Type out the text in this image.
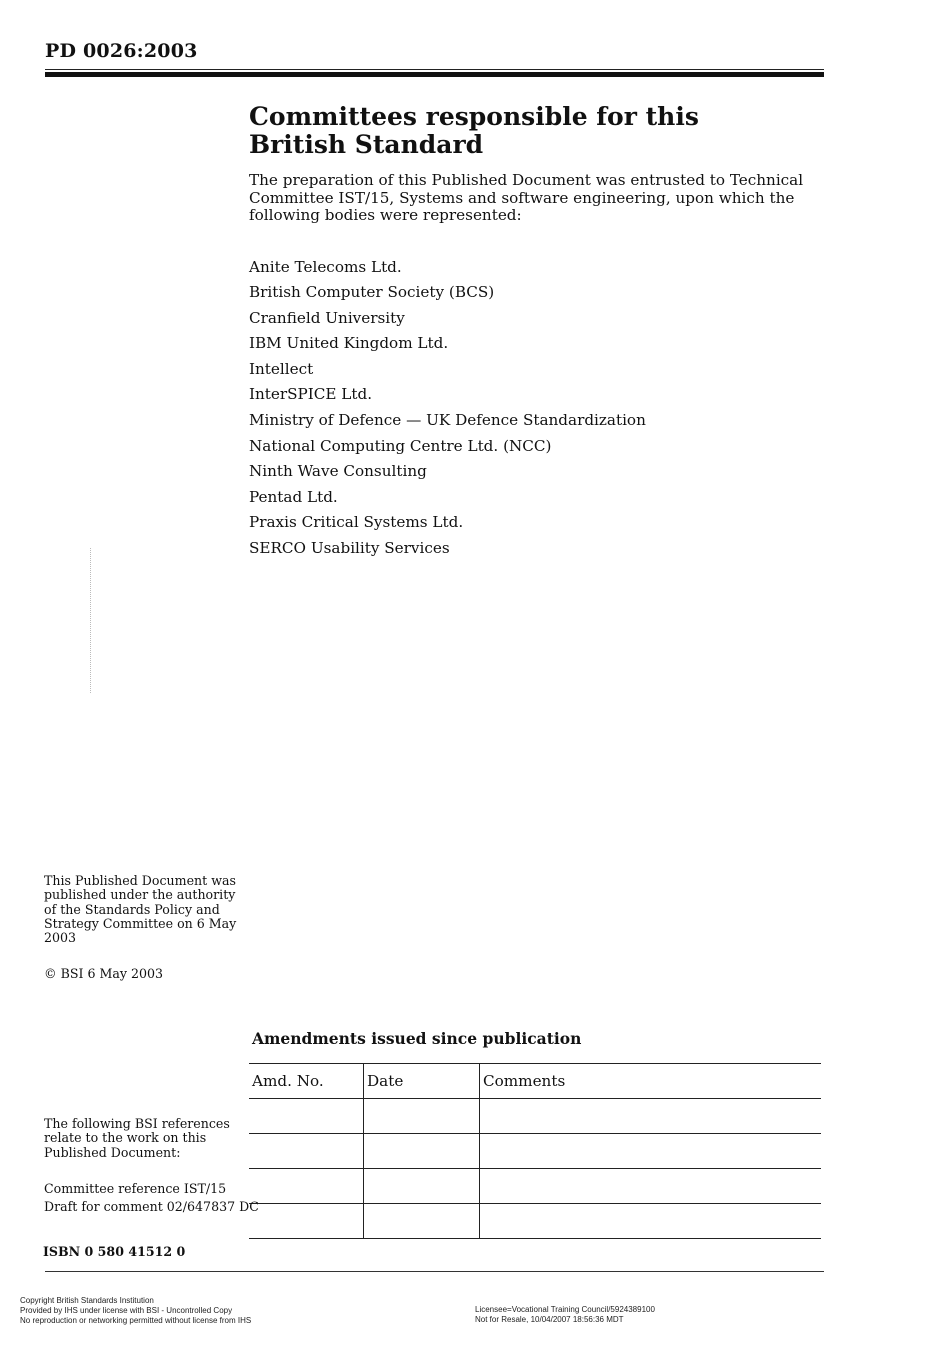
PD 0026:2003
Committees responsible for this
British Standard

The preparation of this Published Document was entrusted to Technical Committee IST/15, Systems and software engineering, upon which the following bodies were represented:

Anite Telecoms Ltd.
British Computer Society (BCS)
Cranfield University
IBM United Kingdom Ltd.
Intellect
InterSPICE Ltd.
Ministry of Defence — UK Defence Standardization
National Computing Centre Ltd. (NCC)
Ninth Wave Consulting
Pentad Ltd.
Praxis Critical Systems Ltd.
SERCO Usability Services
This Published Document was published under the authority of the Standards Policy and Strategy Committee on 6 May 2003
© BSI 6 May 2003
Amendments issued since publication
Amd. No.	Date	Comments

The following BSI references relate to the work on this Published Document:
Committee reference IST/15
Draft for comment 02/647837 DC
ISBN 0 580 41512 0
Copyright British Standards Institution
Provided by IHS under license with BSI - Uncontrolled Copy
No reproduction or networking permitted without license from IHS
Licensee=Vocational Training Council/5924389100
Not for Resale, 10/04/2007 18:56:36 MDT
